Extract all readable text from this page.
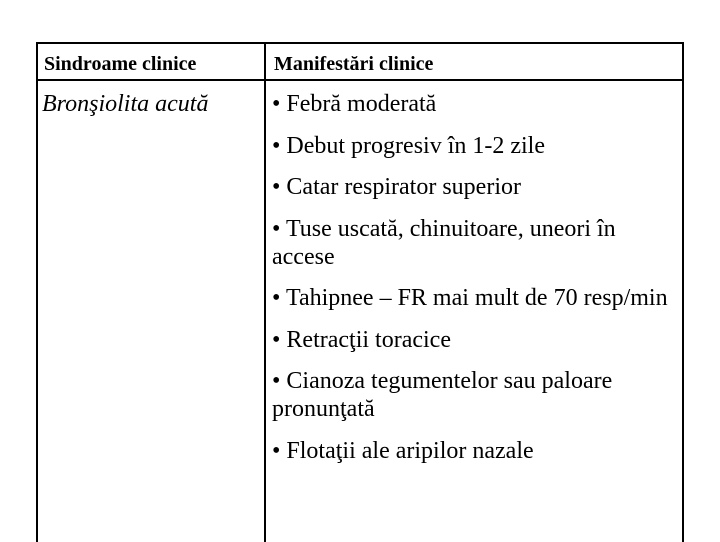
Sindroame clinice	Manifestări clinice
Bronşiolita acută	• Febră moderată
• Debut progresiv în 1-2 zile
• Catar respirator superior
• Tuse uscată, chinuitoare, uneori în accese
• Tahipnee – FR mai mult de 70 resp/min
• Retracţii toracice
• Cianoza tegumentelor sau paloare pronunţată
• Flotaţii ale aripilor nazale
